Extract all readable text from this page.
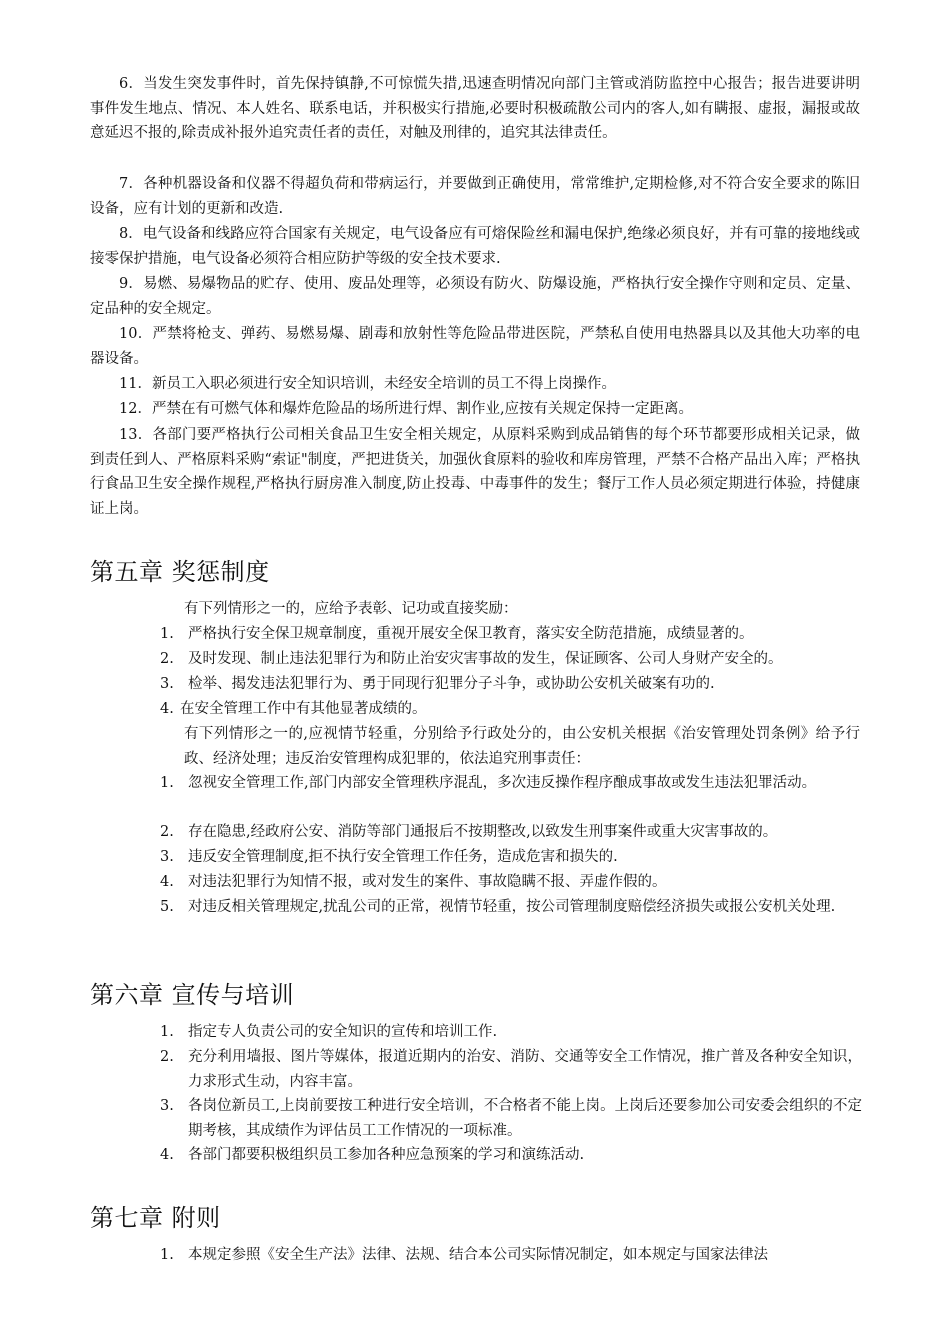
6．当发生突发事件时，首先保持镇静,不可惊慌失措,迅速查明情况向部门主管或消防监控中心报告；报告进要讲明事件发生地点、情况、本人姓名、联系电话，并积极实行措施,必要时积极疏散公司内的客人,如有瞒报、虚报，漏报或故意延迟不报的,除责成补报外追究责任者的责任，对触及刑律的，追究其法律责任。

7．各种机器设备和仪器不得超负荷和带病运行，并要做到正确使用，常常维护,定期检修,对不符合安全要求的陈旧设备，应有计划的更新和改造.

8．电气设备和线路应符合国家有关规定，电气设备应有可熔保险丝和漏电保护,绝缘必须良好，并有可靠的接地线或接零保护措施，电气设备必须符合相应防护等级的安全技术要求.

9．易燃、易爆物品的贮存、使用、废品处理等，必须设有防火、防爆设施，严格执行安全操作守则和定员、定量、定品种的安全规定。

10．严禁将枪支、弹药、易燃易爆、剧毒和放射性等危险品带进医院，严禁私自使用电热器具以及其他大功率的电器设备。

11．新员工入职必须进行安全知识培训，未经安全培训的员工不得上岗操作。

12．严禁在有可燃气体和爆炸危险品的场所进行焊、割作业,应按有关规定保持一定距离。

13．各部门要严格执行公司相关食品卫生安全相关规定，从原料采购到成品销售的每个环节都要形成相关记录，做到责任到人、严格原料采购“索证"制度，严把进货关，加强伙食原料的验收和库房管理，严禁不合格产品出入库；严格执行食品卫生安全操作规程,严格执行厨房准入制度,防止投毒、中毒事件的发生；餐厅工作人员必须定期进行体验，持健康证上岗。

第五章 奖惩制度

有下列情形之一的，应给予表彰、记功或直接奖励：

1. 严格执行安全保卫规章制度，重视开展安全保卫教育，落实安全防范措施，成绩显著的。
2. 及时发现、制止违法犯罪行为和防止治安灾害事故的发生，保证顾客、公司人身财产安全的。
3. 检举、揭发违法犯罪行为、勇于同现行犯罪分子斗争，或协助公安机关破案有功的.
4. 在安全管理工作中有其他显著成绩的。

有下列情形之一的,应视情节轻重，分别给予行政处分的，由公安机关根据《治安管理处罚条例》给予行政、经济处理；违反治安管理构成犯罪的，依法追究刑事责任：

1. 忽视安全管理工作,部门内部安全管理秩序混乱，多次违反操作程序酿成事故或发生违法犯罪活动。
2. 存在隐患,经政府公安、消防等部门通报后不按期整改,以致发生刑事案件或重大灾害事故的。
3. 违反安全管理制度,拒不执行安全管理工作任务，造成危害和损失的.
4. 对违法犯罪行为知情不报，或对发生的案件、事故隐瞒不报、弄虚作假的。
5. 对违反相关管理规定,扰乱公司的正常，视情节轻重，按公司管理制度赔偿经济损失或报公安机关处理.
第六章 宣传与培训
1. 指定专人负责公司的安全知识的宣传和培训工作.
2. 充分利用墙报、图片等媒体，报道近期内的治安、消防、交通等安全工作情况，推广普及各种安全知识，力求形式生动，内容丰富。
3. 各岗位新员工,上岗前要按工种进行安全培训，不合格者不能上岗。上岗后还要参加公司安委会组织的不定期考核，其成绩作为评估员工工作情况的一项标准。
4. 各部门都要积极组织员工参加各种应急预案的学习和演练活动.
第七章 附则
1. 本规定参照《安全生产法》法律、法规、结合本公司实际情况制定，如本规定与国家法律法
